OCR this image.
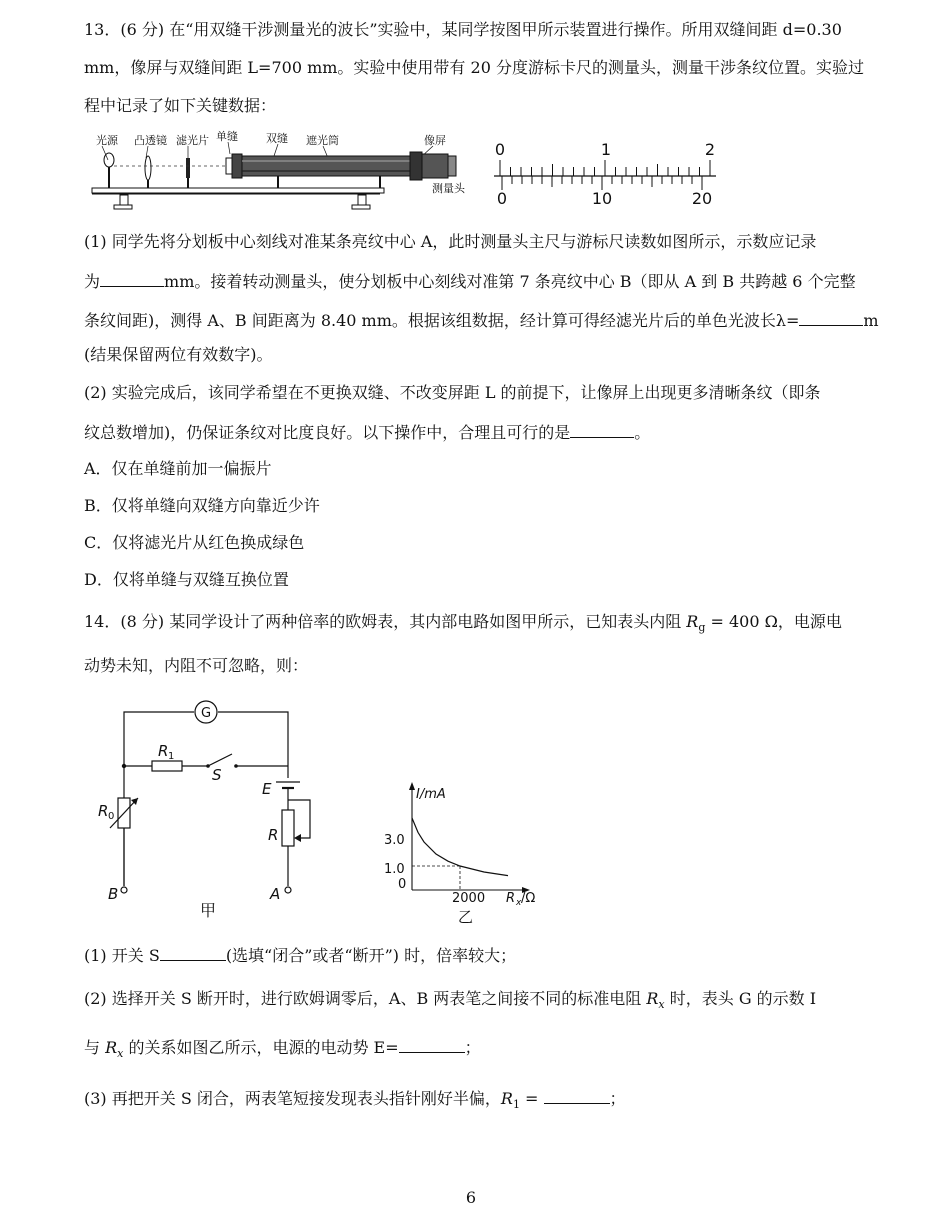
13．(6 分) 在“用双缝干涉测量光的波长”实验中，某同学按图甲所示装置进行操作。所用双缝间距 d=0.30
mm，像屏与双缝间距 L=700 mm。实验中使用带有 20 分度游标卡尺的测量头，测量干涉条纹位置。实验过
程中记录了如下关键数据：
光源 凸透镜 滤光片 单缝	双缝 遮光筒	像屏
测量头
0	1	2
0	10	20
(1) 同学先将分划板中心刻线对准某条亮纹中心 A，此时测量头主尺与游标尺读数如图所示，示数应记录
为	mm。接着转动测量头，使分划板中心刻线对准第 7 条亮纹中心 B（即从 A 到 B 共跨越 6 个完整
条纹间距)，测得 A、B 间距离为 8.40 mm。根据该组数据，经计算可得经滤光片后的单色光波长λ=	m
(结果保留两位有效数字)。
(2) 实验完成后，该同学希望在不更换双缝、不改变屏距 L 的前提下，让像屏上出现更多清晰条纹（即条
纹总数增加)，仍保证条纹对比度良好。以下操作中，合理且可行的是	。
A．仅在单缝前加一偏振片
B．仅将单缝向双缝方向靠近少许
C．仅将滤光片从红色换成绿色
D．仅将单缝与双缝互换位置
14．(8 分) 某同学设计了两种倍率的欧姆表，其内部电路如图甲所示，已知表头内阻 $R_g = 400$ Ω，电源电
动势未知，内阻不可忽略，则：
G
R 1
S
E
R 0
R
B	A
甲
I/mA
3.0
1.0
0
2000 R x /Ω
乙
(1) 开关 S	(选填“闭合”或者“断开”) 时，倍率较大；
(2) 选择开关 S 断开时，进行欧姆调零后，A、B 两表笔之间接不同的标准电阻 $R_x$ 时，表头 G 的示数 I
与 $R_x$ 的关系如图乙所示，电源的电动势 E=	；
(3) 再把开关 S 闭合，两表笔短接发现表头指针刚好半偏，$R_1$ =	；
6
